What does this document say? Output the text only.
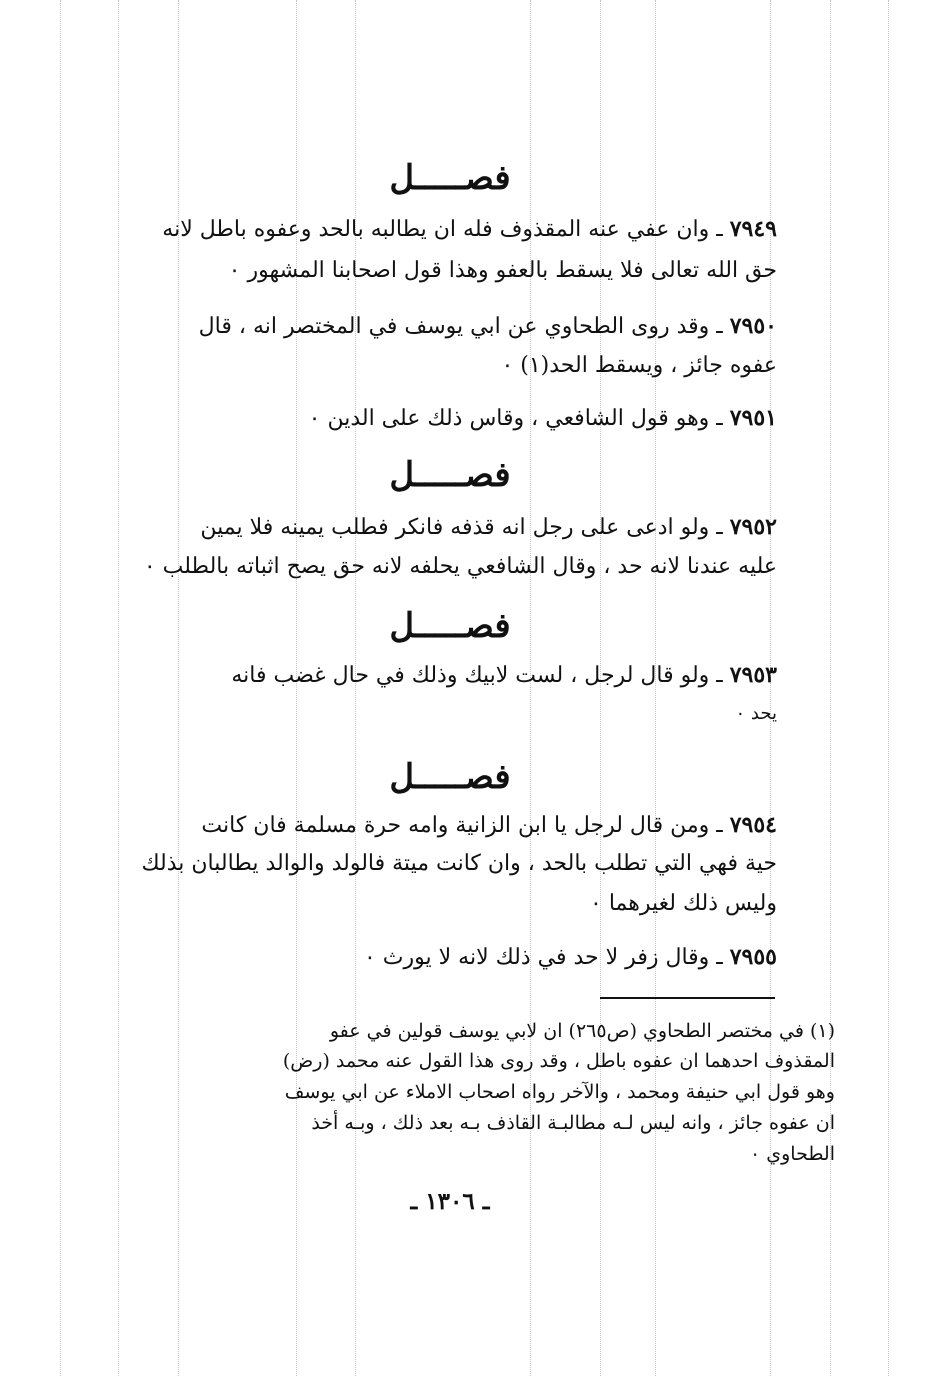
فصـــــل
٧٩٤٩ ـ وان عفي عنه المقذوف فله ان يطالبه بالحد وعفوه باطل لانه
حق الله تعالى فلا يسقط بالعفو وهذا قول اصحابنا المشهور ٠
٧٩٥٠ ـ وقد روى الطحاوي عن ابي يوسف في المختصر انه ، قال
عفوه جائز ، ويسقط الحد(١) ٠
٧٩٥١ ـ وهو قول الشافعي ، وقاس ذلك على الدين ٠
فصـــــل
٧٩٥٢ ـ ولو ادعى على رجل انه قذفه فانكر فطلب يمينه فلا يمين
عليه عندنا لانه حد ، وقال الشافعي يحلفه لانه حق يصح اثباته بالطلب ٠
فصـــــل
٧٩٥٣ ـ ولو قال لرجل ، لست لابيك وذلك في حال غضب فانه
يحد ٠
فصـــــل
٧٩٥٤ ـ ومن قال لرجل يا ابن الزانية وامه حرة مسلمة فان كانت
حية فهي التي تطلب بالحد ، وان كانت ميتة فالولد والوالد يطالبان بذلك
وليس ذلك لغيرهما ٠
٧٩٥٥ ـ وقال زفر لا حد في ذلك لانه لا يورث ٠
(١) في مختصر الطحاوي (ص٢٦٥) ان لابي يوسف قولين في عفو
المقذوف احدهما ان عفوه باطل ، وقد روى هذا القول عنه محمد (رض)
وهو قول ابي حنيفة ومحمد ، والآخر رواه اصحاب الاملاء عن ابي يوسف
ان عفوه جائز ، وانه ليس لـه مطالبـة القاذف بـه بعد ذلك ، وبـه أخذ
الطحاوي ٠
ـ ١٣٠٦ ـ
